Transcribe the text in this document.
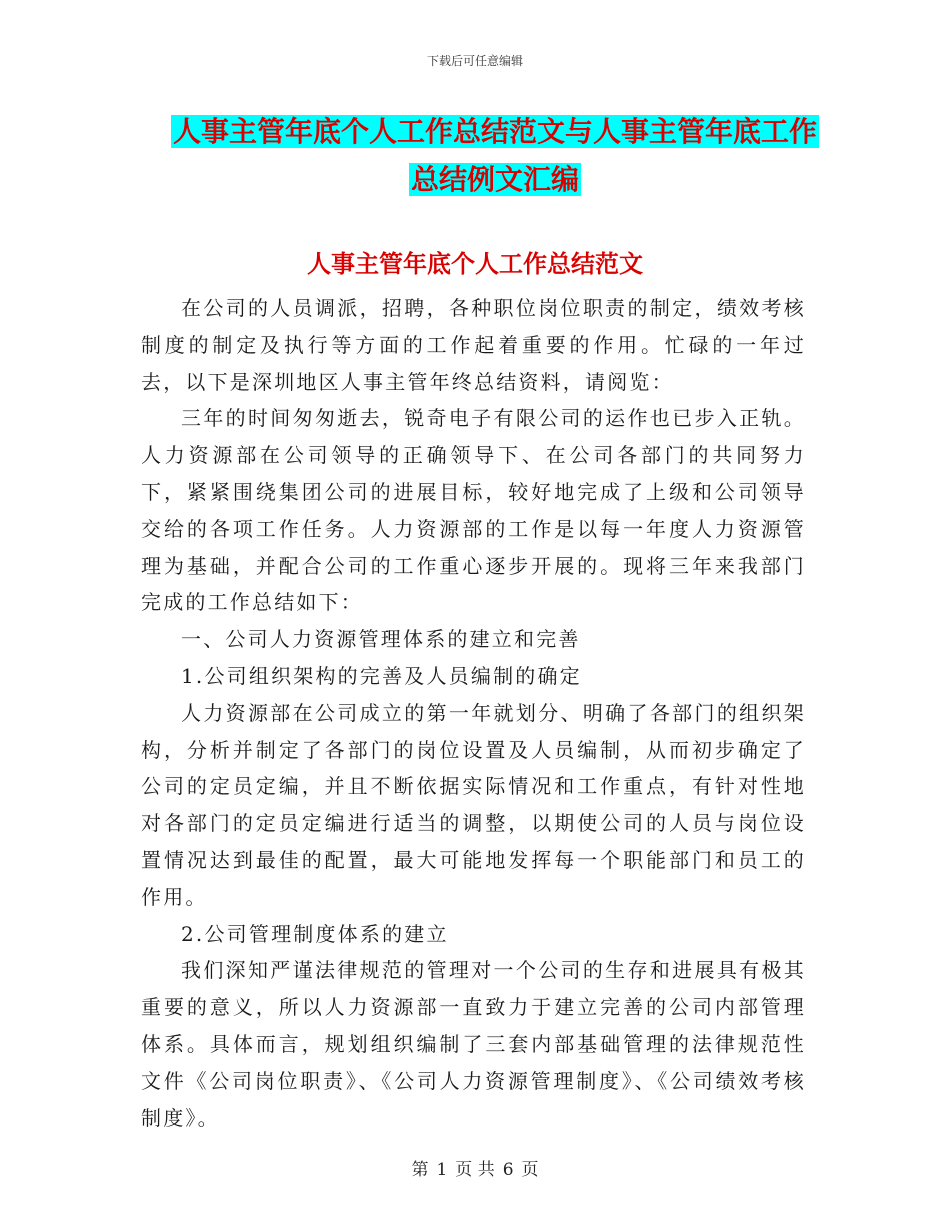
下载后可任意编辑
人事主管年底个人工作总结范文与人事主管年底工作
总结例文汇编
人事主管年底个人工作总结范文

在公司的人员调派，招聘，各种职位岗位职责的制定，绩效考核制度的制定及执行等方面的工作起着重要的作用。忙碌的一年过去，以下是深圳地区人事主管年终总结资料，请阅览：

三年的时间匆匆逝去，锐奇电子有限公司的运作也已步入正轨。人力资源部在公司领导的正确领导下、在公司各部门的共同努力下，紧紧围绕集团公司的进展目标，较好地完成了上级和公司领导交给的各项工作任务。人力资源部的工作是以每一年度人力资源管理为基础，并配合公司的工作重心逐步开展的。现将三年来我部门完成的工作总结如下：

一、公司人力资源管理体系的建立和完善

1.公司组织架构的完善及人员编制的确定

人力资源部在公司成立的第一年就划分、明确了各部门的组织架构，分析并制定了各部门的岗位设置及人员编制，从而初步确定了公司的定员定编，并且不断依据实际情况和工作重点，有针对性地对各部门的定员定编进行适当的调整，以期使公司的人员与岗位设置情况达到最佳的配置，最大可能地发挥每一个职能部门和员工的作用。

2.公司管理制度体系的建立

我们深知严谨法律规范的管理对一个公司的生存和进展具有极其重要的意义，所以人力资源部一直致力于建立完善的公司内部管理体系。具体而言，规划组织编制了三套内部基础管理的法律规范性文件《公司岗位职责》、《公司人力资源管理制度》、《公司绩效考核制度》。

第 1 页 共 6 页
